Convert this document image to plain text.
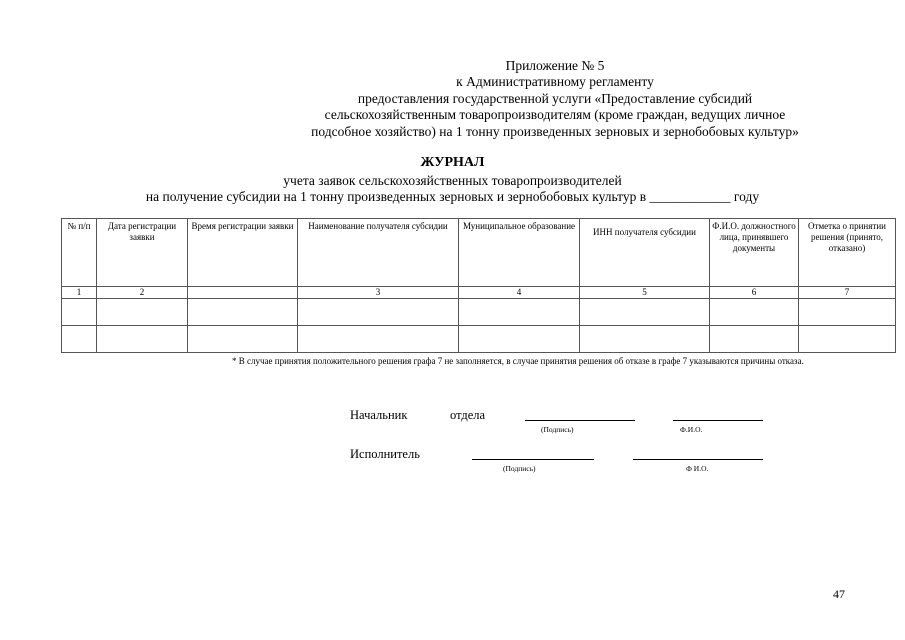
Приложение № 5
к Административному регламенту
предоставления государственной услуги «Предоставление субсидий
сельскохозяйственным товаропроизводителям (кроме граждан, ведущих личное
подсобное хозяйство) на 1 тонну произведенных зерновых и зернобобовых культур»
ЖУРНАЛ
учета заявок сельскохозяйственных товаропроизводителей
на получение субсидии на 1 тонну произведенных зерновых и зернобобовых культур в ____________ году
№ п/п	Дата регистрации заявки	Время регистрации заявки	Наименование получателя субсидии	Муниципальное образование	ИНН получателя субсидии	Ф.И.О. должностного лица, принявшего документы	Отметка о принятии решения (принято, отказано)
1	2		3	4	5	6	7

* В случае принятия положительного решения графа 7 не заполняется, в случае принятия решения об отказе в графе 7 указываются причины отказа.
Начальник	отдела
(Подпись)	Ф.И.О.
Исполнитель
(Подпись)	Ф И.О.
47
